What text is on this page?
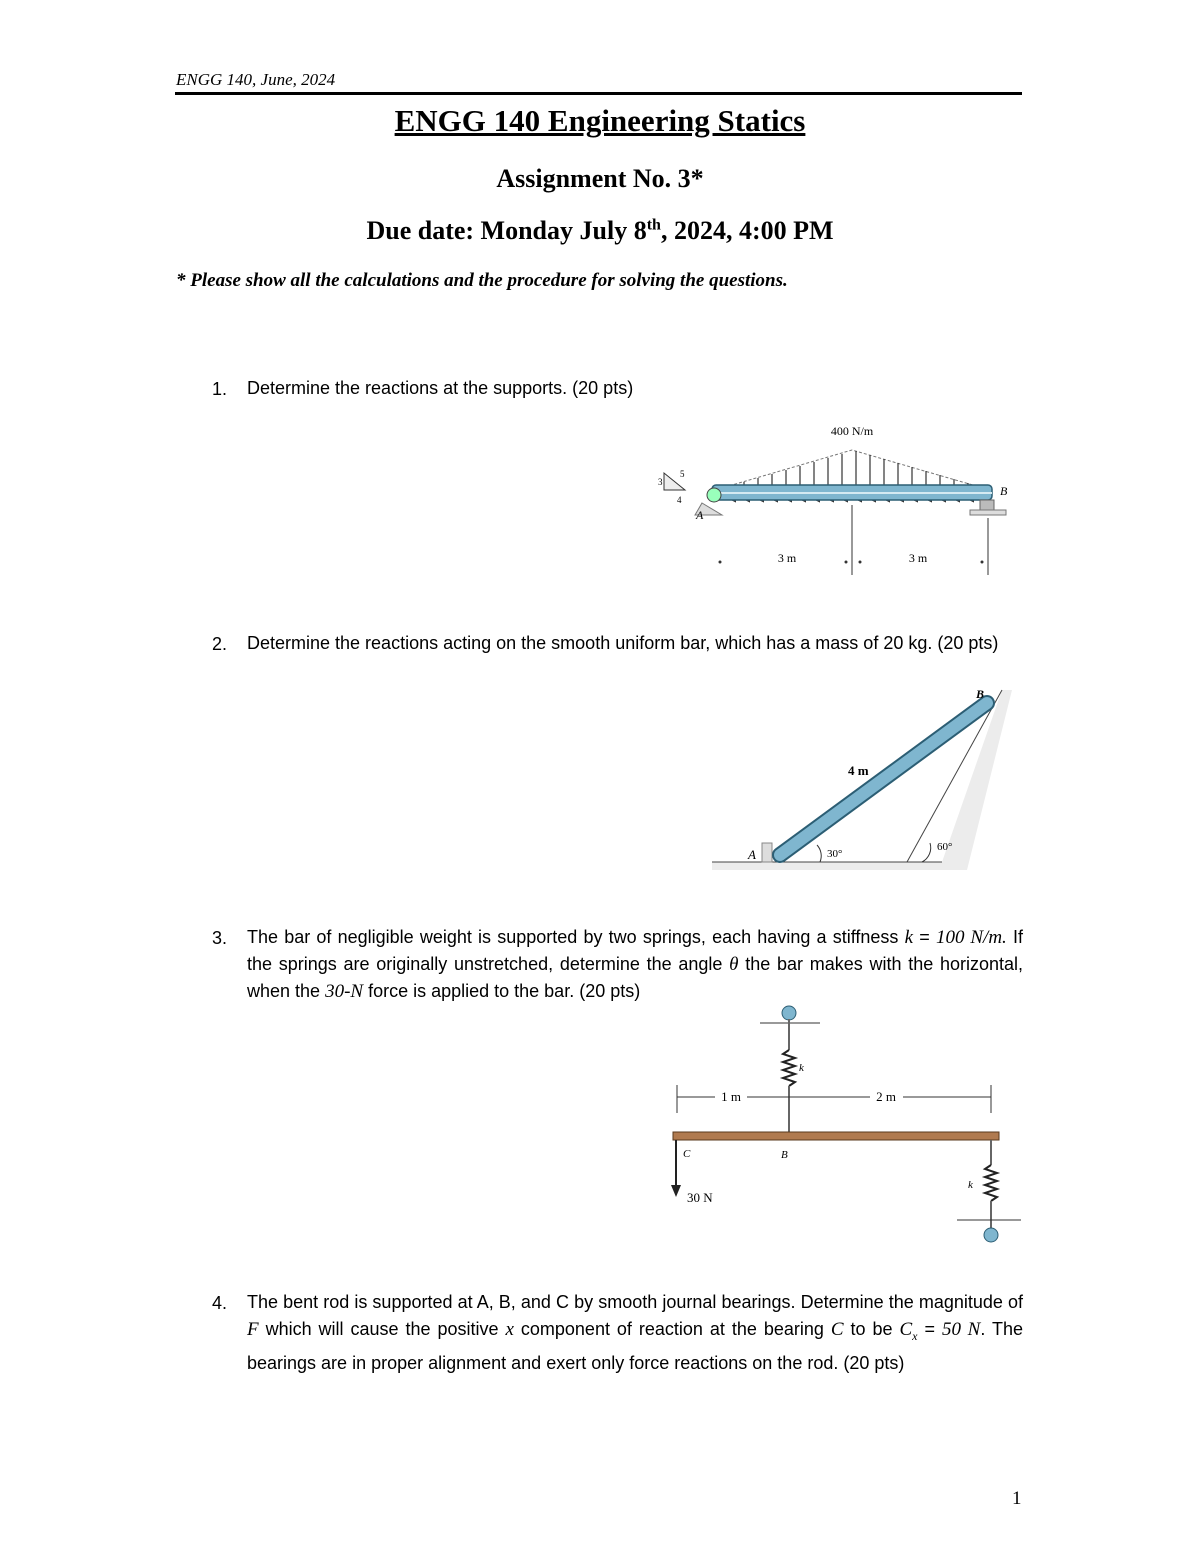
ENGG 140, June, 2024
ENGG 140 Engineering Statics
Assignment No. 3*
Due date: Monday July 8th, 2024, 4:00 PM
* Please show all the calculations and the procedure for solving the questions.
1. Determine the reactions at the supports. (20 pts)
400 N/m
3
5
4
A
B
3 m	3 m
2. Determine the reactions acting on the smooth uniform bar, which has a mass of 20 kg. (20 pts)
A
B
4 m
30°
60°
3. The bar of negligible weight is supported by two springs, each having a stiffness k = 100 N/m. If the springs are originally unstretched, determine the angle θ the bar makes with the horizontal, when the 30-N force is applied to the bar. (20 pts)
k
1 m	2 m
C	B
30 N
k
4. The bent rod is supported at A, B, and C by smooth journal bearings. Determine the magnitude of F which will cause the positive x component of reaction at the bearing C to be $C_x = 50$ N. The bearings are in proper alignment and exert only force reactions on the rod. (20 pts)
1
